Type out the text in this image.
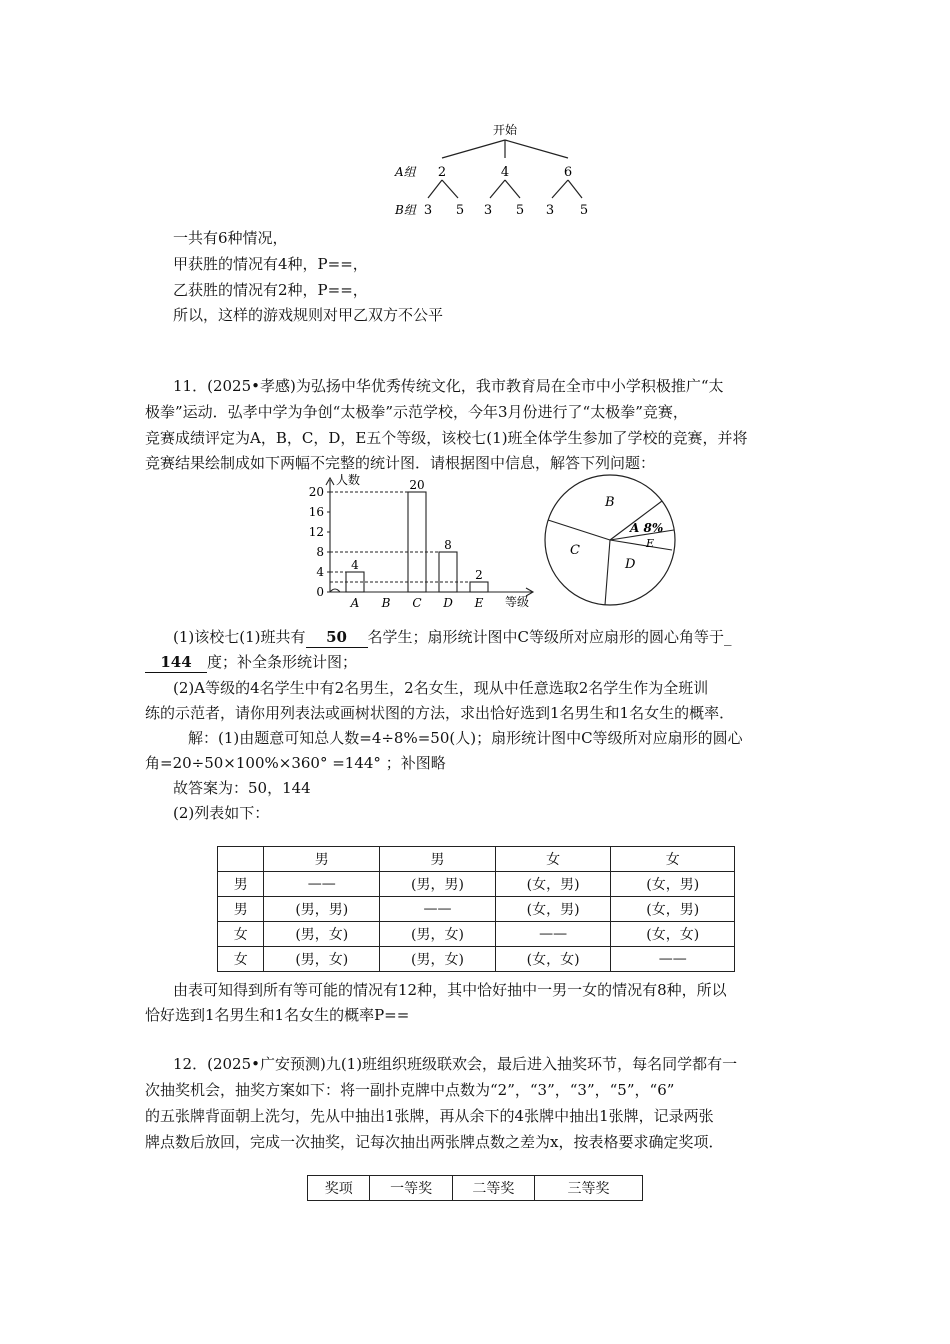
开始
A组
B组
2	4	6
3 5 3 5 3 5
一共有6种情况，
甲获胜的情况有4种，P==，
乙获胜的情况有2种，P==，
所以，这样的游戏规则对甲乙双方不公平
11．(2025•孝感)为弘扬中华优秀传统文化，我市教育局在全市中小学积极推广“太
极拳”运动．弘孝中学为争创“太极拳”示范学校，今年3月份进行了“太极拳”竞赛，
竞赛成绩评定为A，B，C，D，E五个等级，该校七(1)班全体学生参加了学校的竞赛，并将
竞赛结果绘制成如下两幅不完整的统计图．请根据图中信息，解答下列问题：
人数
等级
0
4
8
12
16
20
4
A B
20
C
8
D
2
E
B
A 8%
E
D
C
(1)该校七(1)班共有 50 名学生；扇形统计图中C等级所对应扇形的圆心角等于_
144 度；补全条形统计图；
(2)A等级的4名学生中有2名男生，2名女生，现从中任意选取2名学生作为全班训
练的示范者，请你用列表法或画树状图的方法，求出恰好选到1名男生和1名女生的概率．
解：(1)由题意可知总人数=4÷8%=50(人)；扇形统计图中C等级所对应扇形的圆心
角=20÷50×100%×360° =144° ；补图略
故答案为：50，144
(2)列表如下：
	男	男	女	女
男	——	(男，男)	(女，男)	(女，男)
男	(男，男)	——	(女，男)	(女，男)
女	(男，女)	(男，女)	——	(女，女)
女	(男，女)	(男，女)	(女，女)	——
由表可知得到所有等可能的情况有12种，其中恰好抽中一男一女的情况有8种，所以
恰好选到1名男生和1名女生的概率P==
12．(2025•广安预测)九(1)班组织班级联欢会，最后进入抽奖环节，每名同学都有一
次抽奖机会，抽奖方案如下：将一副扑克牌中点数为“2”，“3”，“3”，“5”，“6”
的五张牌背面朝上洗匀，先从中抽出1张牌，再从余下的4张牌中抽出1张牌，记录两张
牌点数后放回，完成一次抽奖，记每次抽出两张牌点数之差为x，按表格要求确定奖项．
奖项	一等奖	二等奖	三等奖
